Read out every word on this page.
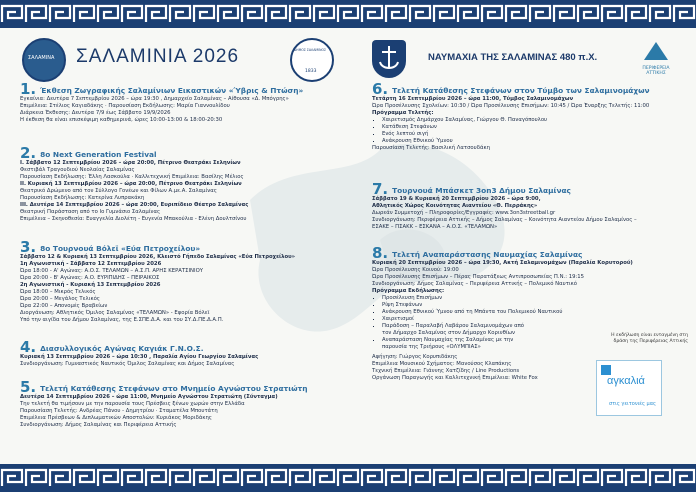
ΣΑΛΑΜΙΝΑ ΣΑΛΑΜΙΝΙΑ 2026	ΔΗΜΟΣ ΣΑΛΑΜΙΝΟΣ
1833
ΝΑΥΜΑΧΙΑ ΤΗΣ ΣΑΛΑΜΙΝΑΣ 480 π.Χ.
ΠΕΡΙΦΕΡΕΙΑ
ΑΤΤΙΚΗΣ

1. Έκθεση Ζωγραφικής Σαλαμίνιων Εικαστικών «Ύβρις & Πτώση»

Εγκαίνια: Δευτέρα 7 Σεπτεμβρίου 2026 – ώρα 19:30 , Δημαρχείο Σαλαμίνας – Αίθουσα «Δ. Μπόγρης»

Επιμέλεια: Στέλιος Καγιαδάκης · Παρουσίαση Εκδήλωσης: Μαρία Γιαννουλίδου

Διάρκεια Έκθεσης: Δευτέρα 7/9 έως Σάββατο 19/9/2026

Η έκθεση θα είναι επισκέψιμη καθημερινά, ώρες 10:00-13:00 & 18:00-20:30

2. 8ο Next Generation Festival

I. Σάββατο 12 Σεπτεμβρίου 2026 – ώρα 20:00, Πέτρινο Θεατράκι Σεληνίων

Φεστιβάλ Τραγουδιού Νεολαίας Σαλαμίνας

Παρουσίαση Εκδήλωσης: Έλλη Λασκούλα · Καλλιτεχνική Επιμέλεια: Βασίλης Μέλιος

II. Κυριακή 13 Σεπτεμβρίου 2026 – ώρα 20:00, Πέτρινο Θεατράκι Σεληνίων

Θεατρικό Δρώμενο από τον Σύλλογο Γονέων και Φίλων Α.με.Α. Σαλαμίνας

Παρουσίαση Εκδήλωσης: Κατερίνα Λυπρακάκη

III. Δευτέρα 14 Σεπτεμβρίου 2026 – ώρα 20:00, Ευριπίδειο Θέατρο Σαλαμίνας

Θεατρική Παράσταση από το Ιο Γυμνάσιο Σαλαμίνας

Επιμέλεια – Σκηνοθεσία: Ευαγγελία Διολέτη - Ευγενία Μπακούλια - Ελένη Δουλτσίνου

3. 8ο Τουρνουά Βόλεϊ «Εύα Πετροχείλου»

Σάββατο 12 & Κυριακή 13 Σεπτεμβρίου 2026, Κλειστό Γήπεδο Σαλαμίνας «Εύα Πετροχείλου»

1η Αγωνιστική - Σάββατο 12 Σεπτεμβρίου 2026

Ώρα 18:00 - Α' Αγώνας: Α.Ο.Σ. ΤΕΛΑΜΩΝ – Α.Σ.Π. ΑΡΗΣ ΚΕΡΑΤΣΙΝΙΟΥ

Ώρα 20:00 - Β' Αγώνας: Α.Ο. ΕΥΡΙΠΙΔΗΣ – ΠΕΙΡΑΙΚΟΣ

2η Αγωνιστική - Κυριακή 13 Σεπτεμβρίου 2026

Ώρα 18:00 – Μικρός Τελικός

Ώρα 20:00 – Μεγάλος Τελικός

Ώρα 22:00 – Απονομές Βραβείων

Διοργάνωση: Αθλητικός Όμιλος Σαλαμίνας «ΤΕΛΑΜΩΝ» - Εφορία Βόλεϊ

Υπό την αιγίδα του Δήμου Σαλαμίνας, της Ε.ΣΠΕ.Δ.Α. και του ΣΥ.Δ.ΠΕ.Δ.Α.Π.

4. Διασυλλογικός Αγώνας Καγιάκ Γ.Ν.Ο.Σ.

Κυριακή 13 Σεπτεμβρίου 2026 – ώρα 10:30 , Παραλία Αγίου Γεωργίου Σαλαμίνας

Συνδιοργάνωση: Γυμναστικός Ναυτικός Όμιλος Σαλαμίνας και Δήμος Σαλαμίνας

5. Τελετή Κατάθεσης Στεφάνων στο Μνημείο Αγνώστου Στρατιώτη

Δευτέρα 14 Σεπτεμβρίου 2026 – ώρα 11:00, Μνημείο Αγνώστου Στρατιώτη (Σύνταγμα)

Την τελετή θα τιμήσουν με την παρουσία τους Πρέσβεις ξένων χωρών στην Ελλάδα

Παρουσίαση Τελετής: Ανδρέας Πάνου - Δημητρίου · Σταματέλα Μπουτάτη

Επιμέλεια Πρέσβεων & Διπλωματικών Αποστολών: Κυριάκος Μοριδάκης

Συνδιοργάνωση: Δήμος Σαλαμίνας και Περιφέρεια Αττικής

6. Τελετή Κατάθεσης Στεφάνων στον Τύμβο των Σαλαμινομάχων

Τετάρτη 16 Σεπτεμβρίου 2026 – ώρα 11:00, Τύμβος Σαλαμινομάχων

Ώρα Προσέλευσης Σχολείων: 10:30 / Ώρα Προσέλευσης Επισήμων: 10:45 / Ώρα Έναρξης Τελετής: 11:00

Πρόγραμμα Τελετής:

▪ Χαιρετισμός Δημάρχου Σαλαμίνας, Γιώργου Θ. Παναγόπουλου
▪ Κατάθεση Στεφάνων
▪ Ενός λεπτού σιγή
▪ Ανάκρουση Εθνικού Ύμνου

Παρουσίαση Τελετής: Βασιλική Λατσουδάκη

7. Τουρνουά Μπάσκετ 3on3 Δήμου Σαλαμίνας

Σάββατο 19 & Κυριακή 20 Σεπτεμβρίου 2026 – ώρα 9:00,

Αθλητικός Χώρος Κοινότητας Αιαντείου «Θ. Περράκης»

Δωρεάν Συμμετοχή – Πληροφορίες/Εγγραφές: www.3on3streetball.gr

Συνδιοργάνωση: Περιφέρεια Αττικής – Δήμος Σαλαμίνας – Κοινότητα Αιαντείου Δήμου Σαλαμίνος –

ΕΣΑΚΕ – ΠΣΑΚΚ – ΕΣΚΑΝΑ – Α.Ο.Σ. «ΤΕΛΑΜΩΝ»

8. Τελετή Αναπαράστασης Ναυμαχίας Σαλαμίνας

Κυριακή 20 Σεπτεμβρίου 2026 – ώρα 19:30, Ακτή Σαλαμινομάχων (Παραλία Κορυτορού)

Ώρα Προσέλευσης Κοινού: 19:00

Ώρα Προσέλευσης Επισήμων – Πέρας Παρατάξεως Αντιπροσωπείας Π.Ν.: 19:15

Συνδιοργάνωση: Δήμος Σαλαμίνας – Περιφέρεια Αττικής – Πολεμικό Ναυτικό

Πρόγραμμα Εκδήλωσης:

▪ Προσέλευση Επισήμων
▪ Ρίψη Στεφάνων
▪ Ανάκρουση Εθνικού Ύμνου από τη Μπάντα του Πολεμικού Ναυτικού
▪ Χαιρετισμοί
▪ Παράδοση – Παραλαβή Λαβάρου Σαλαμινομάχων από
τον Δήμαρχο Σαλαμίνας στον Δήμαρχο Κορινθίων
▪ Αναπαράσταση Ναυμαχίας της Σαλαμίνας με την
παρουσία της Τριήρους «ΟΛΥΜΠΙΑΣ»

Αφήγηση: Γιώργος Κορυπιδάκης

Επιμέλεια Μουσικού Σχήματος: Μανούσος Κλαπάκης

Τεχνική Επιμέλεια: Γιάννης Χατζίδης / Line Productions

Οργάνωση Παραγωγής και Καλλιτεχνική Επιμέλεια: White Fox

Η εκδήλωση είναι ενταγμένη στη
δράση της Περιφέρειας Αττικής
αγκαλιά
στις γειτονιές μας
